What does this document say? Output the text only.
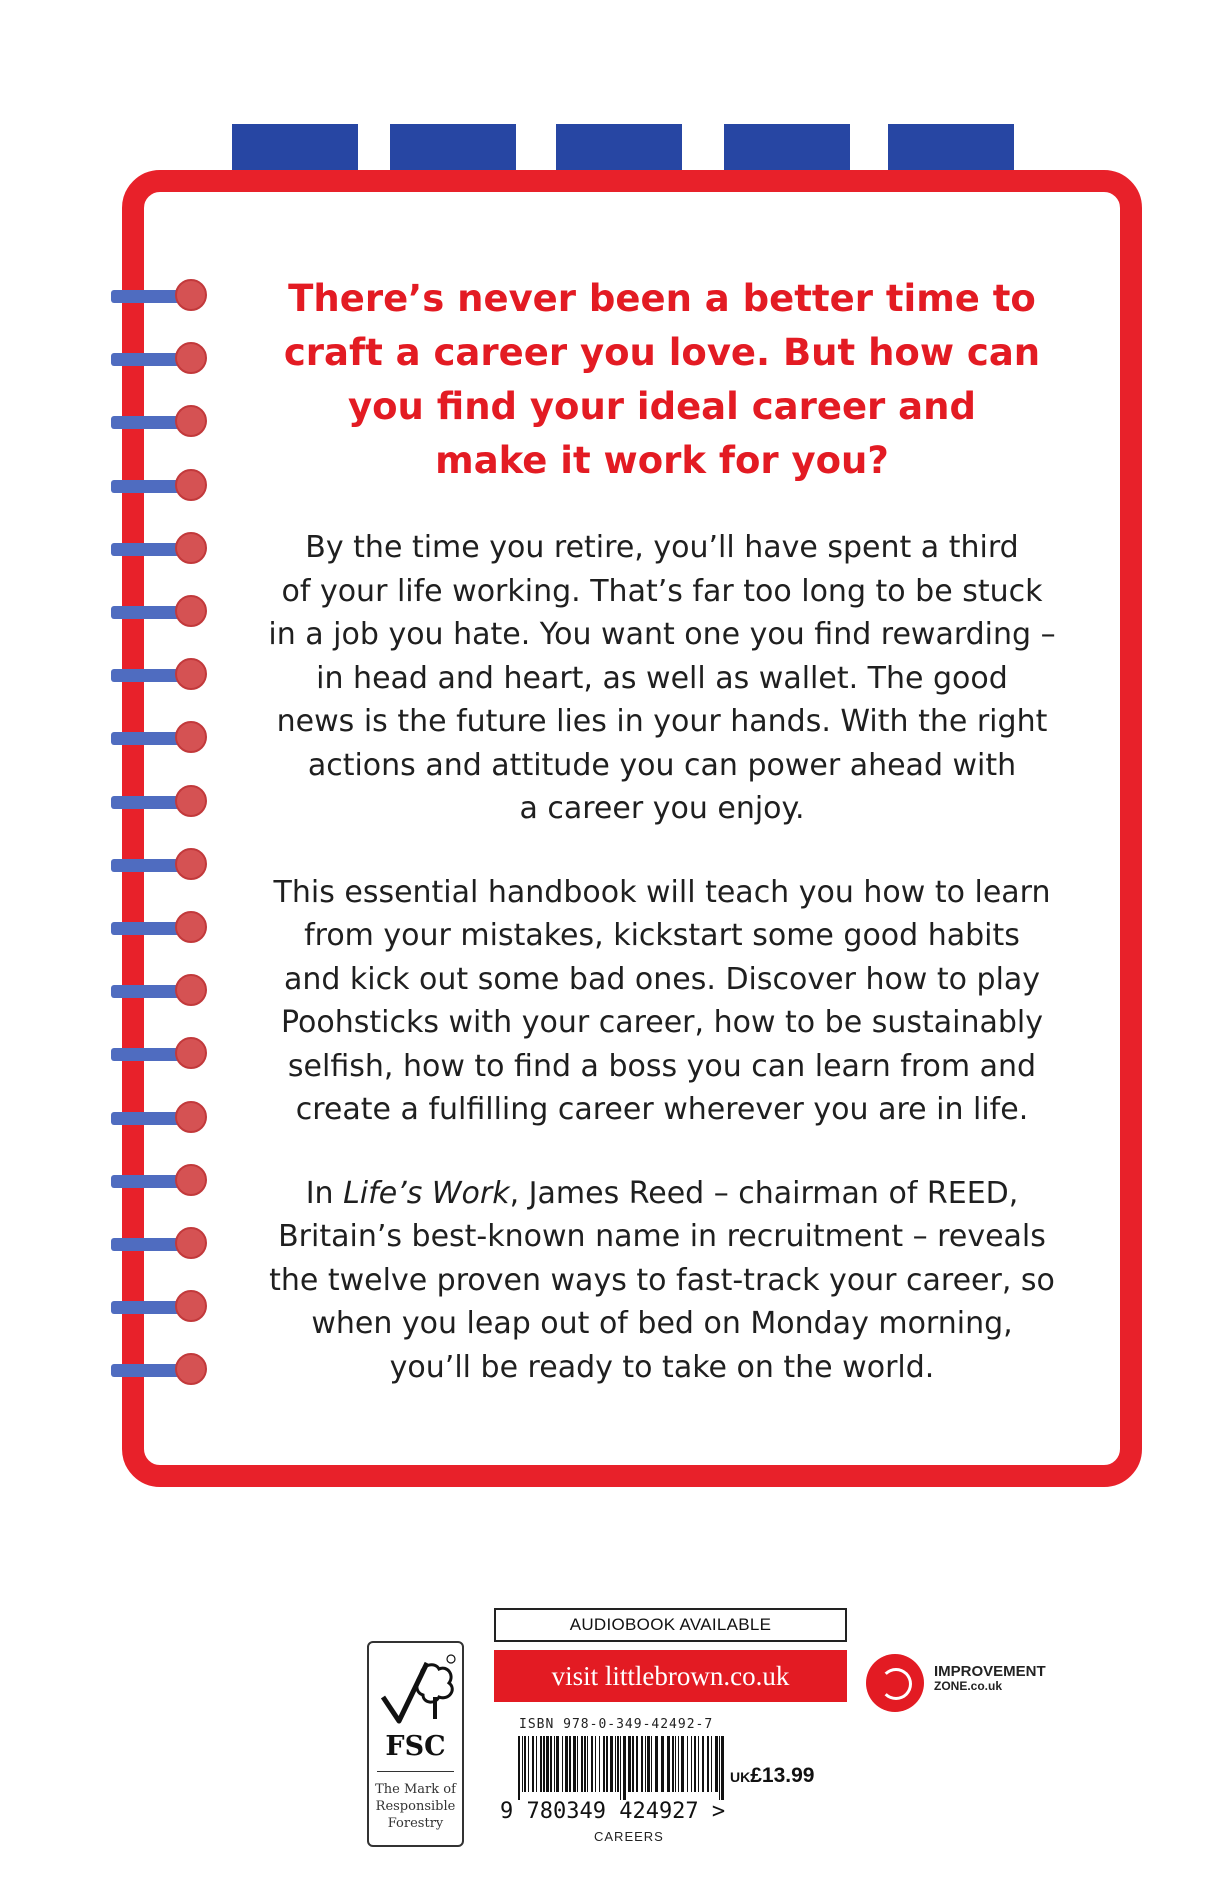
There’s never been a better time to
craft a career you love. But how can
you find your ideal career and
make it work for you?
By the time you retire, you’ll have spent a third
of your life working. That’s far too long to be stuck
in a job you hate. You want one you find rewarding –
in head and heart, as well as wallet. The good
news is the future lies in your hands. With the right
actions and attitude you can power ahead with
a career you enjoy.
This essential handbook will teach you how to learn
from your mistakes, kickstart some good habits
and kick out some bad ones. Discover how to play
Poohsticks with your career, how to be sustainably
selfish, how to find a boss you can learn from and
create a fulfilling career wherever you are in life.
In Life’s Work, James Reed – chairman of REED,
Britain’s best-known name in recruitment – reveals
the twelve proven ways to fast-track your career, so
when you leap out of bed on Monday morning,
you’ll be ready to take on the world.
FSC
The Mark of
Responsible
Forestry
AUDIOBOOK AVAILABLE
visit littlebrown.co.uk	IMPROVEMENT
ZONE.co.uk
ISBN 978-0-349-42492-7
9 780349 424927 >
UK£13.99
CAREERS
